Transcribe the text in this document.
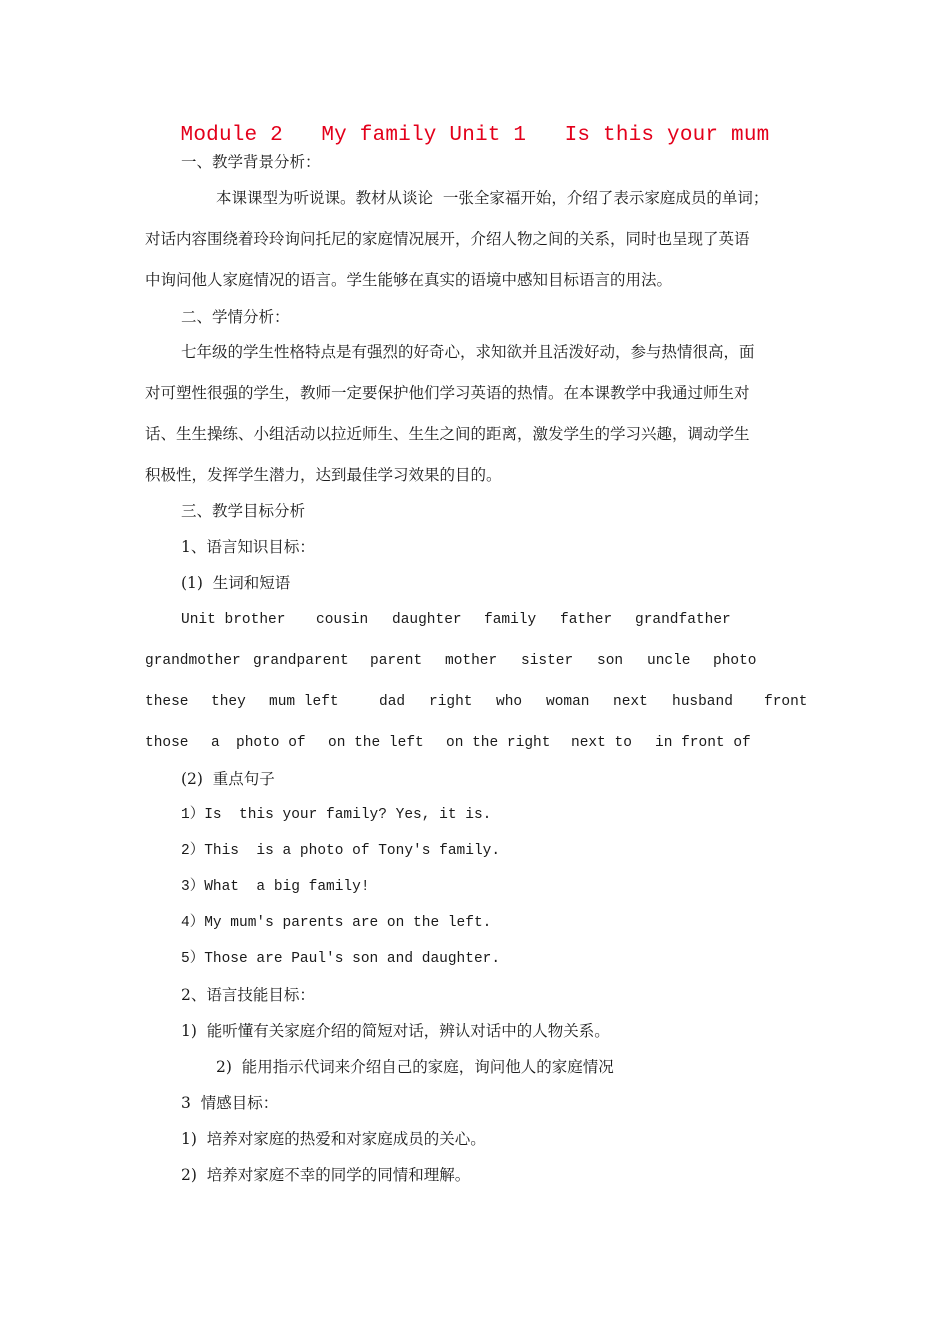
Module 2   My family Unit 1   Is this your mum
一、教学背景分析：
本课课型为听说课。教材从谈论  一张全家福开始，介绍了表示家庭成员的单词；
对话内容围绕着玲玲询问托尼的家庭情况展开，介绍人物之间的关系，同时也呈现了英语
中询问他人家庭情况的语言。学生能够在真实的语境中感知目标语言的用法。
二、学情分析：
七年级的学生性格特点是有强烈的好奇心，求知欲并且活泼好动，参与热情很高，面
对可塑性很强的学生，教师一定要保护他们学习英语的热情。在本课教学中我通过师生对
话、生生操练、小组活动以拉近师生、生生之间的距离，激发学生的学习兴趣，调动学生
积极性，发挥学生潜力，达到最佳学习效果的目的。
三、教学目标分析
1、语言知识目标：
(1)  生词和短语
Unit brother cousin daughter family father grandfather
grandmother grandparent parent mother sister son uncle photo
these they mum left	dad right who woman next husband front
those a photo of on the left on the right next to in front of
(2)  重点句子
1）Is  this your family? Yes, it is.
2）This  is a photo of Tony's family.
3）What  a big family!
4）My mum's parents are on the left.
5）Those are Paul's son and daughter.
2、语言技能目标：
1)  能听懂有关家庭介绍的简短对话，辨认对话中的人物关系。
2)  能用指示代词来介绍自己的家庭，询问他人的家庭情况
3  情感目标：
1)  培养对家庭的热爱和对家庭成员的关心。
2)  培养对家庭不幸的同学的同情和理解。
